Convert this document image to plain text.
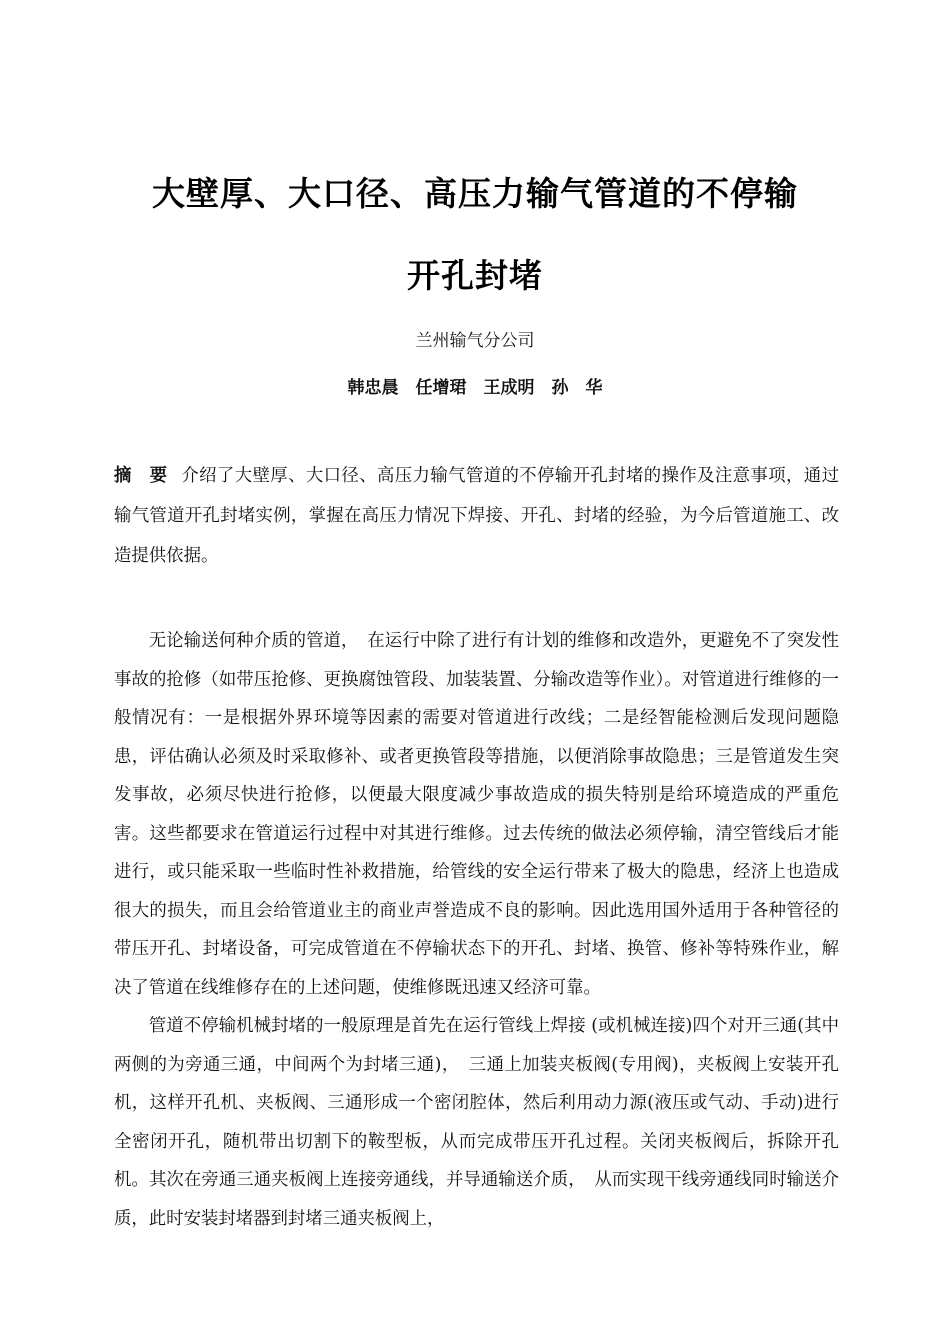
大壁厚、大口径、高压力输气管道的不停输
开孔封堵
兰州输气分公司
韩忠晨　任增珺　王成明　孙　华
摘　要 介绍了大壁厚、大口径、高压力输气管道的不停输开孔封堵的操作及注意事项，通过输气管道开孔封堵实例，掌握在高压力情况下焊接、开孔、封堵的经验，为今后管道施工、改造提供依据。

无论输送何种介质的管道，　在运行中除了进行有计划的维修和改造外，更避免不了突发性事故的抢修（如带压抢修、更换腐蚀管段、加装装置、分输改造等作业）。对管道进行维修的一般情况有：一是根据外界环境等因素的需要对管道进行改线；二是经智能检测后发现问题隐患，评估确认必须及时采取修补、或者更换管段等措施，以便消除事故隐患；三是管道发生突发事故，必须尽快进行抢修，以便最大限度减少事故造成的损失特别是给环境造成的严重危害。这些都要求在管道运行过程中对其进行维修。过去传统的做法必须停输，清空管线后才能进行，或只能采取一些临时性补救措施，给管线的安全运行带来了极大的隐患，经济上也造成很大的损失，而且会给管道业主的商业声誉造成不良的影响。因此选用国外适用于各种管径的带压开孔、封堵设备，可完成管道在不停输状态下的开孔、封堵、换管、修补等特殊作业，解决了管道在线维修存在的上述问题，使维修既迅速又经济可靠。

管道不停输机械封堵的一般原理是首先在运行管线上焊接 (或机械连接)四个对开三通(其中两侧的为旁通三通，中间两个为封堵三通)，　三通上加装夹板阀(专用阀)，夹板阀上安装开孔机，这样开孔机、夹板阀、三通形成一个密闭腔体，然后利用动力源(液压或气动、手动)进行全密闭开孔，随机带出切割下的鞍型板，从而完成带压开孔过程。关闭夹板阀后，拆除开孔机。其次在旁通三通夹板阀上连接旁通线，并导通输送介质，　从而实现干线旁通线同时输送介质，此时安装封堵器到封堵三通夹板阀上，
